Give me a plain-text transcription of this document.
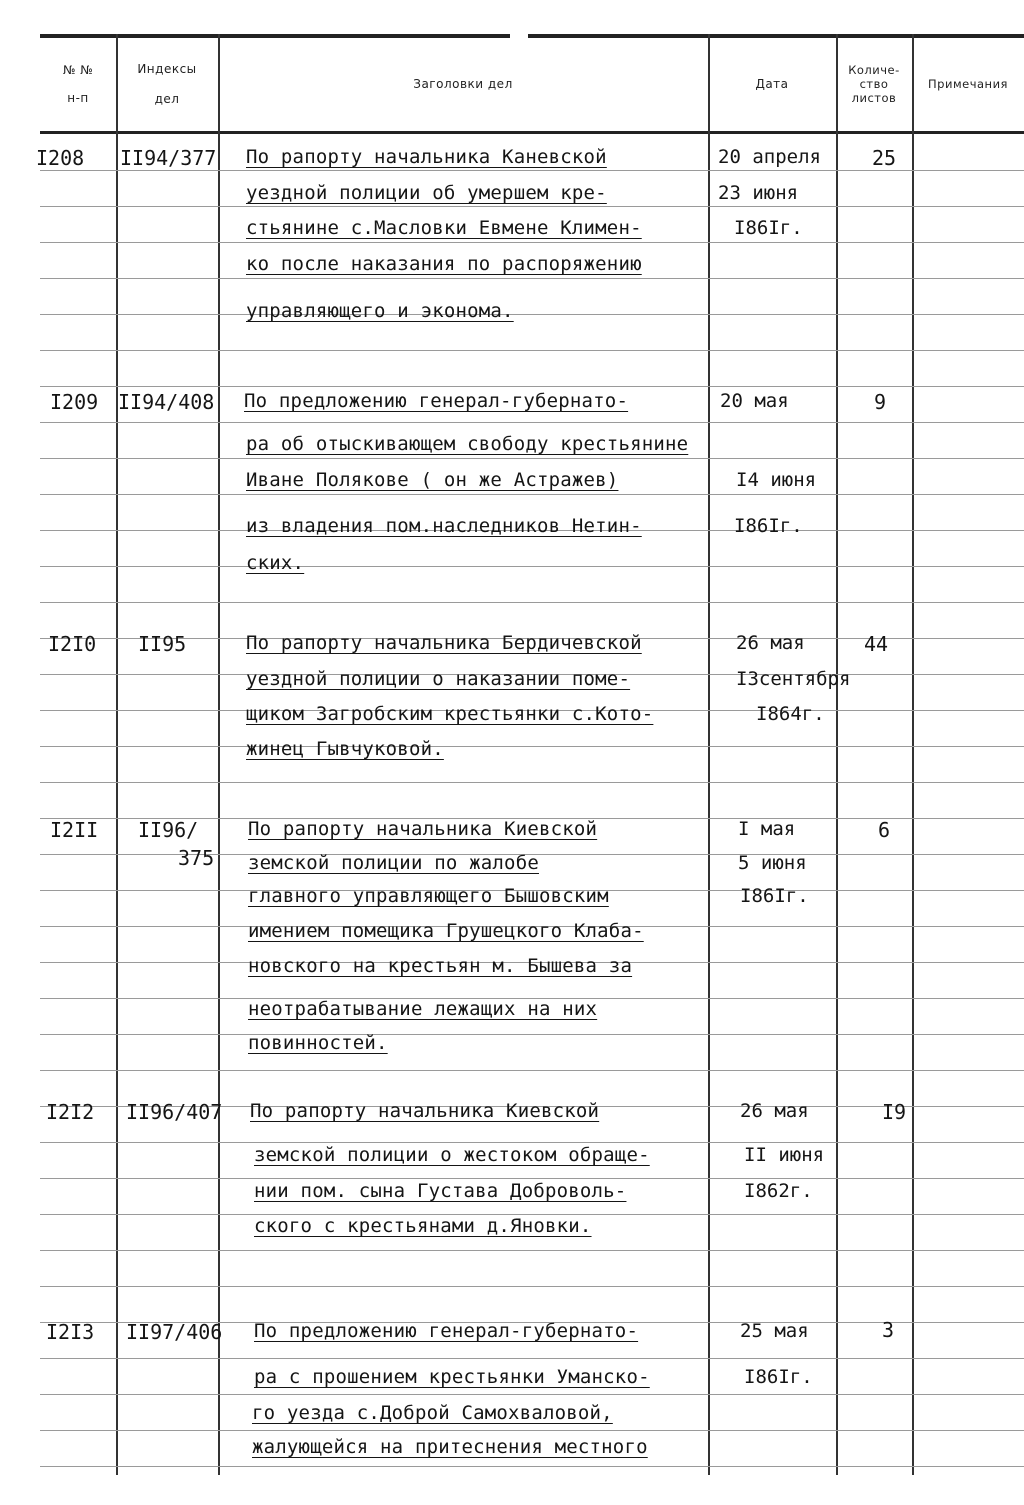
№ №
н-п
Индексы
дел
Заголовки дел	Дата
Количе-
ство
листов
Примечания
I208 II94/377 По рапорту начальника Каневской
уездной полиции об умершем кре-
стьянине с.Масловки Евмене Климен-
ко после наказания по распоряжению
управляющего и эконома.
20 апреля
23 июня
I86Iг.
25
I209 II94/408 По предложению генерал-губернато-
ра об отыскивающем свободу крестьянине
Иване Полякове ( он же Астражев)
из владения пом.наследников Нетин-
ских.
20 мая
I4 июня
I86Iг.
9
I2I0 II95	По рапорту начальника Бердичевской
уездной полиции о наказании поме-
щиком Загробским крестьянки с.Кото-
жинец Гывчуковой.
26 мая
I3сентября
I864г.
44
I2II II96/
375
По рапорту начальника Киевской
земской полиции по жалобе
главного управляющего Бышовским
имением помещика Грушецкого Клаба-
новского на крестьян м. Бышева за
неотрабатывание лежащих на них
повинностей.
I мая
5 июня
I86Iг.
6
I2I2 II96/407 По рапорту начальника Киевской
земской полиции о жестоком обраще-
нии пом. сына Густава Доброволь-
ского с крестьянами д.Яновки.
26 мая
II июня
I862г.
I9
I2I3 II97/406 По предложению генерал-губернато-
ра с прошением крестьянки Уманско-
го уезда с.Доброй Самохваловой,
жалующейся на притеснения местного
25 мая
I86Iг.
3
